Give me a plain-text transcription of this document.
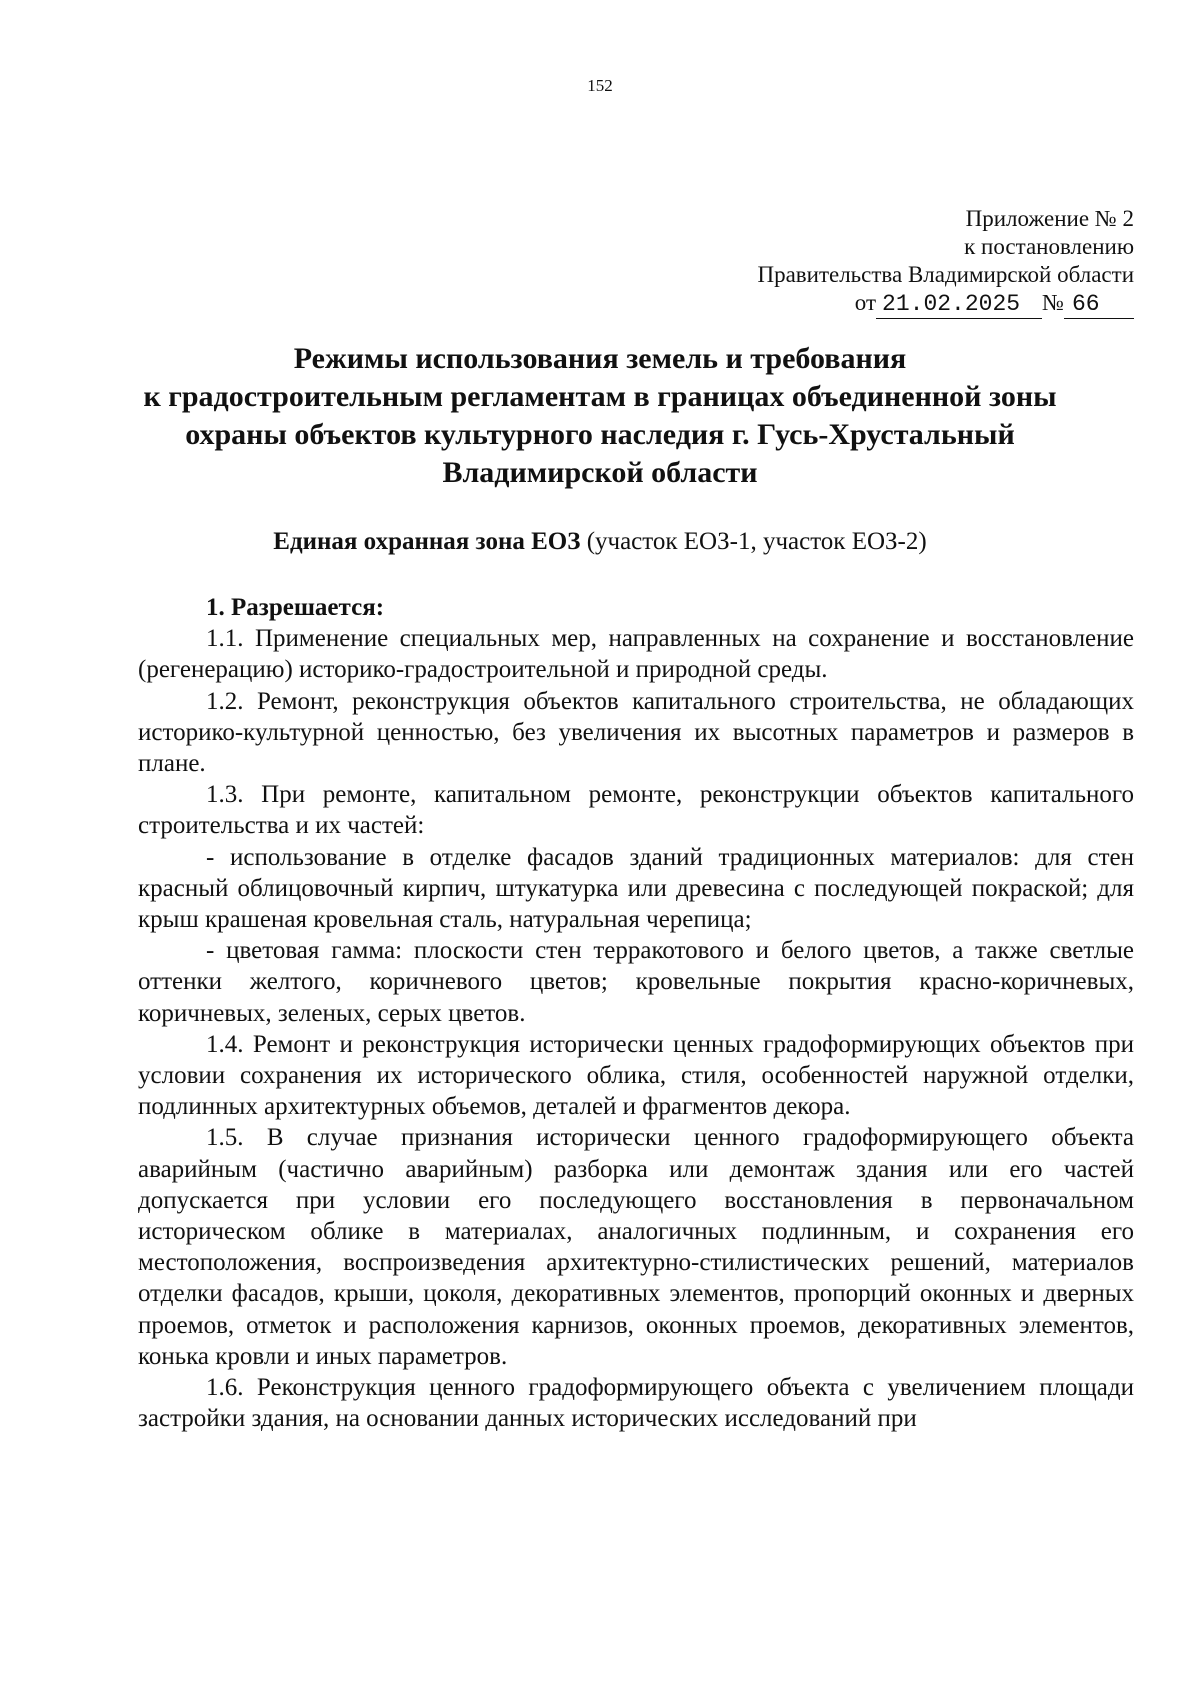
152
Приложение № 2
к постановлению
Правительства Владимирской области
от 21.02.2025 № 66
Режимы использования земель и требования
к градостроительным регламентам в границах объединенной зоны
охраны объектов культурного наследия г. Гусь-Хрустальный
Владимирской области
Единая охранная зона ЕОЗ (участок ЕОЗ-1, участок ЕОЗ-2)

1. Разрешается:

1.1. Применение специальных мер, направленных на сохранение и восстановление (регенерацию) историко-градостроительной и природной среды.

1.2. Ремонт, реконструкция объектов капитального строительства, не обладающих историко-культурной ценностью, без увеличения их высотных параметров и размеров в плане.

1.3. При ремонте, капитальном ремонте, реконструкции объектов капитального строительства и их частей:

- использование в отделке фасадов зданий традиционных материалов: для стен красный облицовочный кирпич, штукатурка или древесина с последующей покраской; для крыш крашеная кровельная сталь, натуральная черепица;

- цветовая гамма: плоскости стен терракотового и белого цветов, а также светлые оттенки желтого, коричневого цветов; кровельные покрытия красно-коричневых, коричневых, зеленых, серых цветов.

1.4. Ремонт и реконструкция исторически ценных градоформирующих объектов при условии сохранения их исторического облика, стиля, особенностей наружной отделки, подлинных архитектурных объемов, деталей и фрагментов декора.

1.5. В случае признания исторически ценного градоформирующего объекта аварийным (частично аварийным) разборка или демонтаж здания или его частей допускается при условии его последующего восстановления в первоначальном историческом облике в материалах, аналогичных подлинным, и сохранения его местоположения, воспроизведения архитектурно-стилистических решений, материалов отделки фасадов, крыши, цоколя, декоративных элементов, пропорций оконных и дверных проемов, отметок и расположения карнизов, оконных проемов, декоративных элементов, конька кровли и иных параметров.

1.6. Реконструкция ценного градоформирующего объекта с увеличением площади застройки здания, на основании данных исторических исследований при
